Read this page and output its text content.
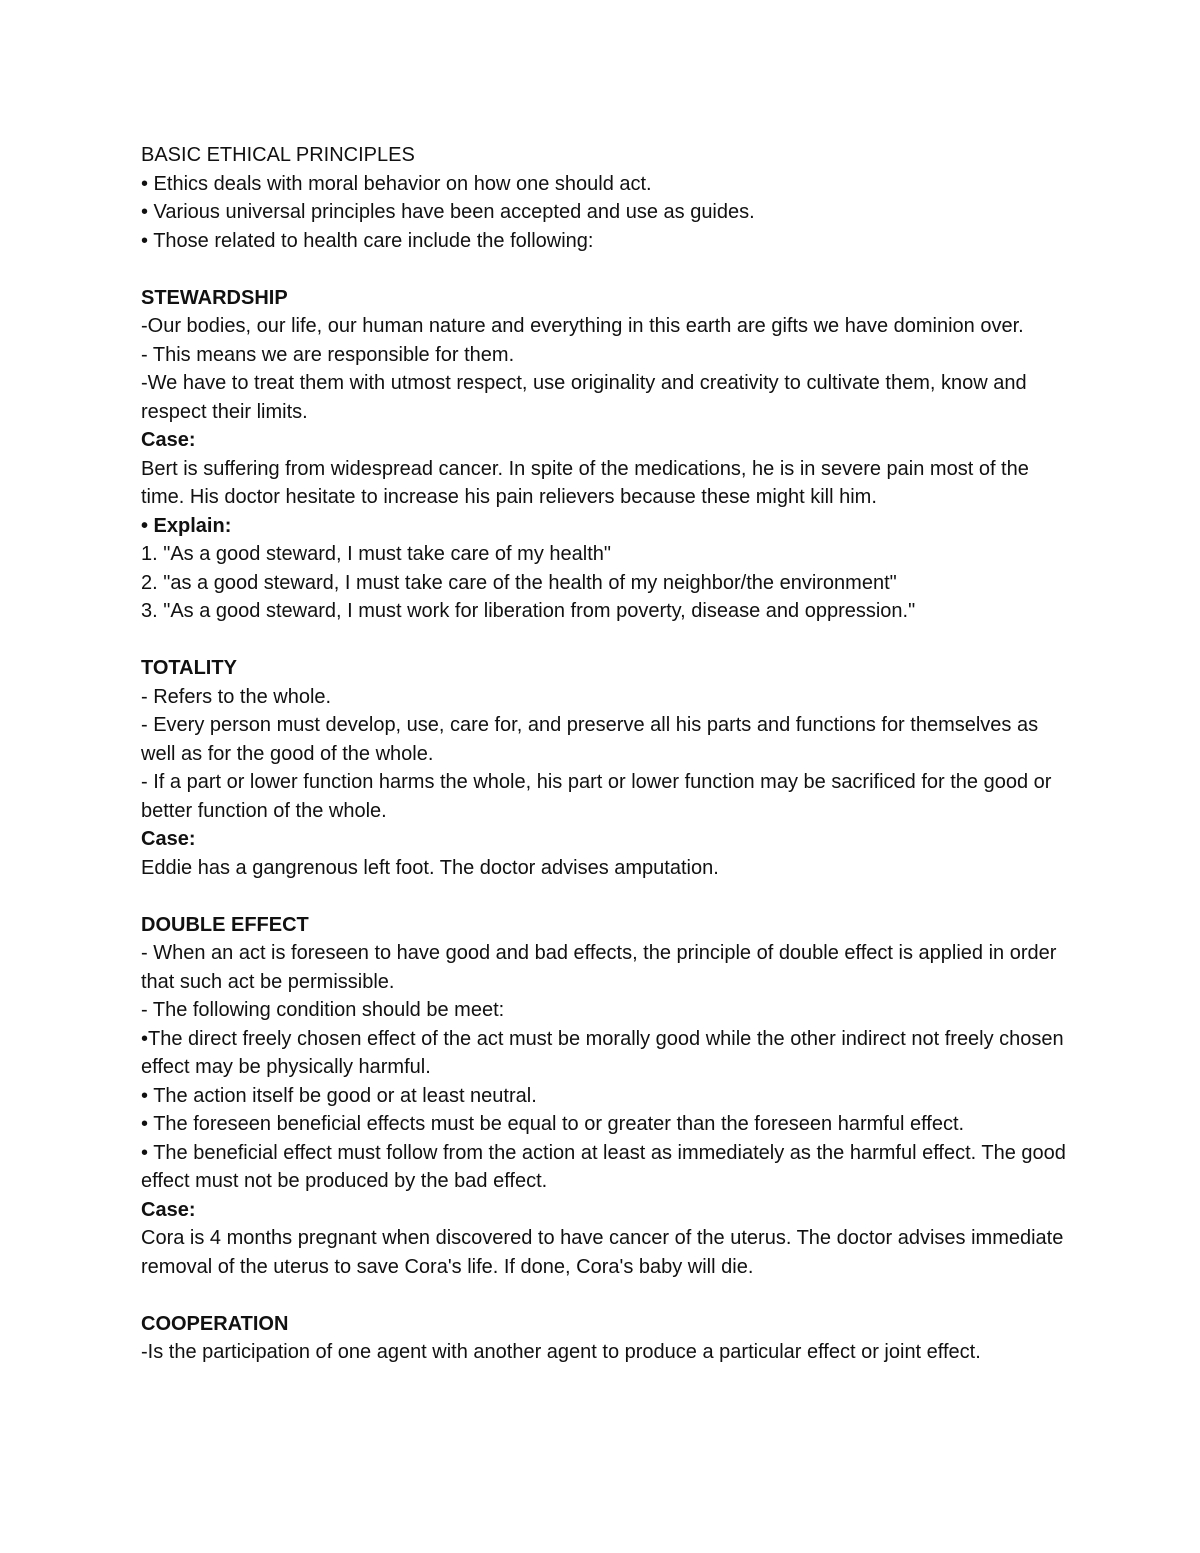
BASIC ETHICAL PRINCIPLES

• Ethics deals with moral behavior on how one should act.

• Various universal principles have been accepted and use as guides.

• Those related to health care include the following:

STEWARDSHIP

-Our bodies, our life, our human nature and everything in this earth are gifts we have dominion over.

- This means we are responsible for them.

-We have to treat them with utmost respect, use originality and creativity to cultivate them, know and respect their limits.

Case:

Bert is suffering from widespread cancer. In spite of the medications, he is in severe pain most of the time. His doctor hesitate to increase his pain relievers because these might kill him.

• Explain:

1. "As a good steward, I must take care of my health"

2. "as a good steward, I must take care of the health of my neighbor/the environment"

3. "As a good steward, I must work for liberation from poverty, disease and oppression."

TOTALITY

- Refers to the whole.

- Every person must develop, use, care for, and preserve all his parts and functions for themselves as well as for the good of the whole.

- If a part or lower function harms the whole, his part or lower function may be sacrificed for the good or better function of the whole.

Case:

Eddie has a gangrenous left foot. The doctor advises amputation.

DOUBLE EFFECT

- When an act is foreseen to have good and bad effects, the principle of double effect is applied in order that such act be permissible.

- The following condition should be meet:

•The direct freely chosen effect of the act must be morally good while the other indirect not freely chosen effect may be physically harmful.

• The action itself be good or at least neutral.

• The foreseen beneficial effects must be equal to or greater than the foreseen harmful effect.

• The beneficial effect must follow from the action at least as immediately as the harmful effect. The good effect must not be produced by the bad effect.

Case:

Cora is 4 months pregnant when discovered to have cancer of the uterus. The doctor advises immediate removal of the uterus to save Cora's life. If done, Cora's baby will die.

COOPERATION

-Is the participation of one agent with another agent to produce a particular effect or joint effect.
